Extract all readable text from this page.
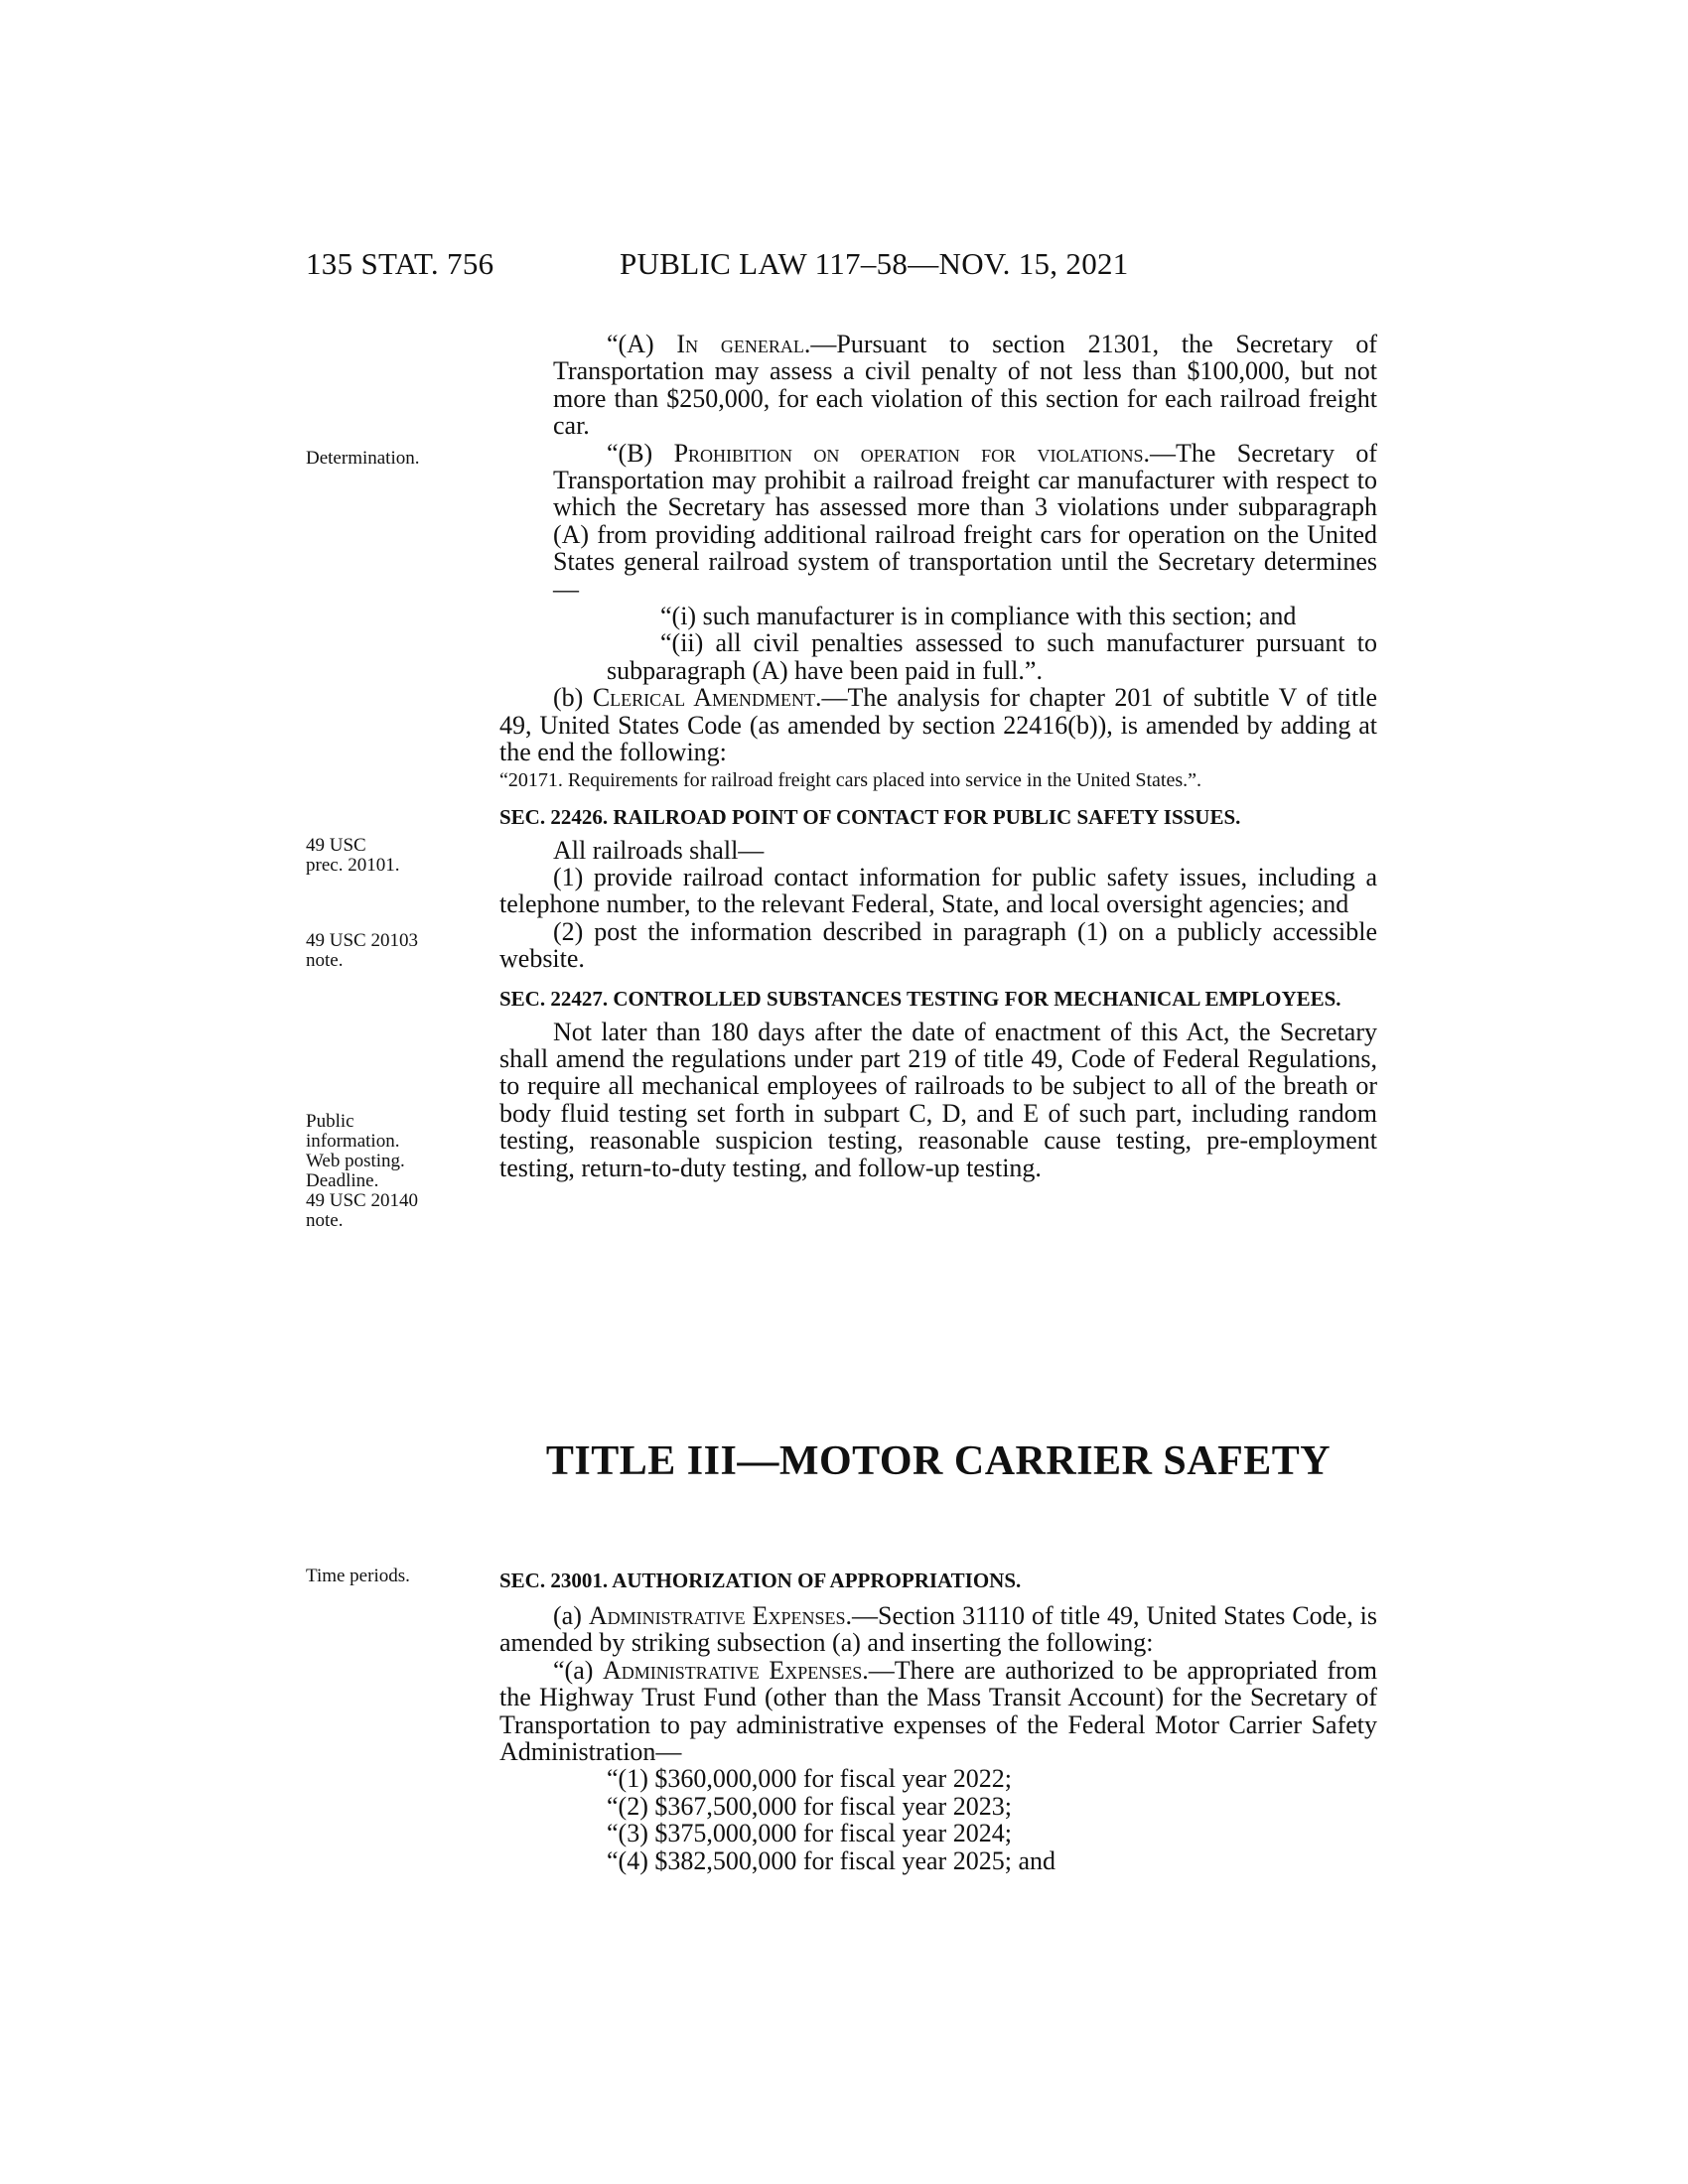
135 STAT. 756	PUBLIC LAW 117–58—NOV. 15, 2021
Determination.
49 USC
prec. 20101.
49 USC 20103
note.
Public
information.
Web posting.
Deadline.
49 USC 20140
note.
Time periods.

“(A) In general.—Pursuant to section 21301, the Secretary of Transportation may assess a civil penalty of not less than $100,000, but not more than $250,000, for each violation of this section for each railroad freight car.

“(B) Prohibition on operation for violations.—The Secretary of Transportation may prohibit a railroad freight car manufacturer with respect to which the Secretary has assessed more than 3 violations under subparagraph (A) from providing additional railroad freight cars for operation on the United States general railroad system of transportation until the Secretary determines—

“(i) such manufacturer is in compliance with this section; and

“(ii) all civil penalties assessed to such manufacturer pursuant to subparagraph (A) have been paid in full.”.

(b) Clerical Amendment.—The analysis for chapter 201 of subtitle V of title 49, United States Code (as amended by section 22416(b)), is amended by adding at the end the following:

“20171. Requirements for railroad freight cars placed into service in the United States.”.
SEC. 22426. RAILROAD POINT OF CONTACT FOR PUBLIC SAFETY ISSUES.

All railroads shall—

(1) provide railroad contact information for public safety issues, including a telephone number, to the relevant Federal, State, and local oversight agencies; and

(2) post the information described in paragraph (1) on a publicly accessible website.

SEC. 22427. CONTROLLED SUBSTANCES TESTING FOR MECHANICAL EMPLOYEES.

Not later than 180 days after the date of enactment of this Act, the Secretary shall amend the regulations under part 219 of title 49, Code of Federal Regulations, to require all mechanical employees of railroads to be subject to all of the breath or body fluid testing set forth in subpart C, D, and E of such part, including random testing, reasonable suspicion testing, reasonable cause testing, pre-employment testing, return-to-duty testing, and follow-up testing.

TITLE III—MOTOR CARRIER SAFETY
SEC. 23001. AUTHORIZATION OF APPROPRIATIONS.

(a) Administrative Expenses.—Section 31110 of title 49, United States Code, is amended by striking subsection (a) and inserting the following:

“(a) Administrative Expenses.—There are authorized to be appropriated from the Highway Trust Fund (other than the Mass Transit Account) for the Secretary of Transportation to pay administrative expenses of the Federal Motor Carrier Safety Administration—

“(1) $360,000,000 for fiscal year 2022;

“(2) $367,500,000 for fiscal year 2023;

“(3) $375,000,000 for fiscal year 2024;

“(4) $382,500,000 for fiscal year 2025; and
